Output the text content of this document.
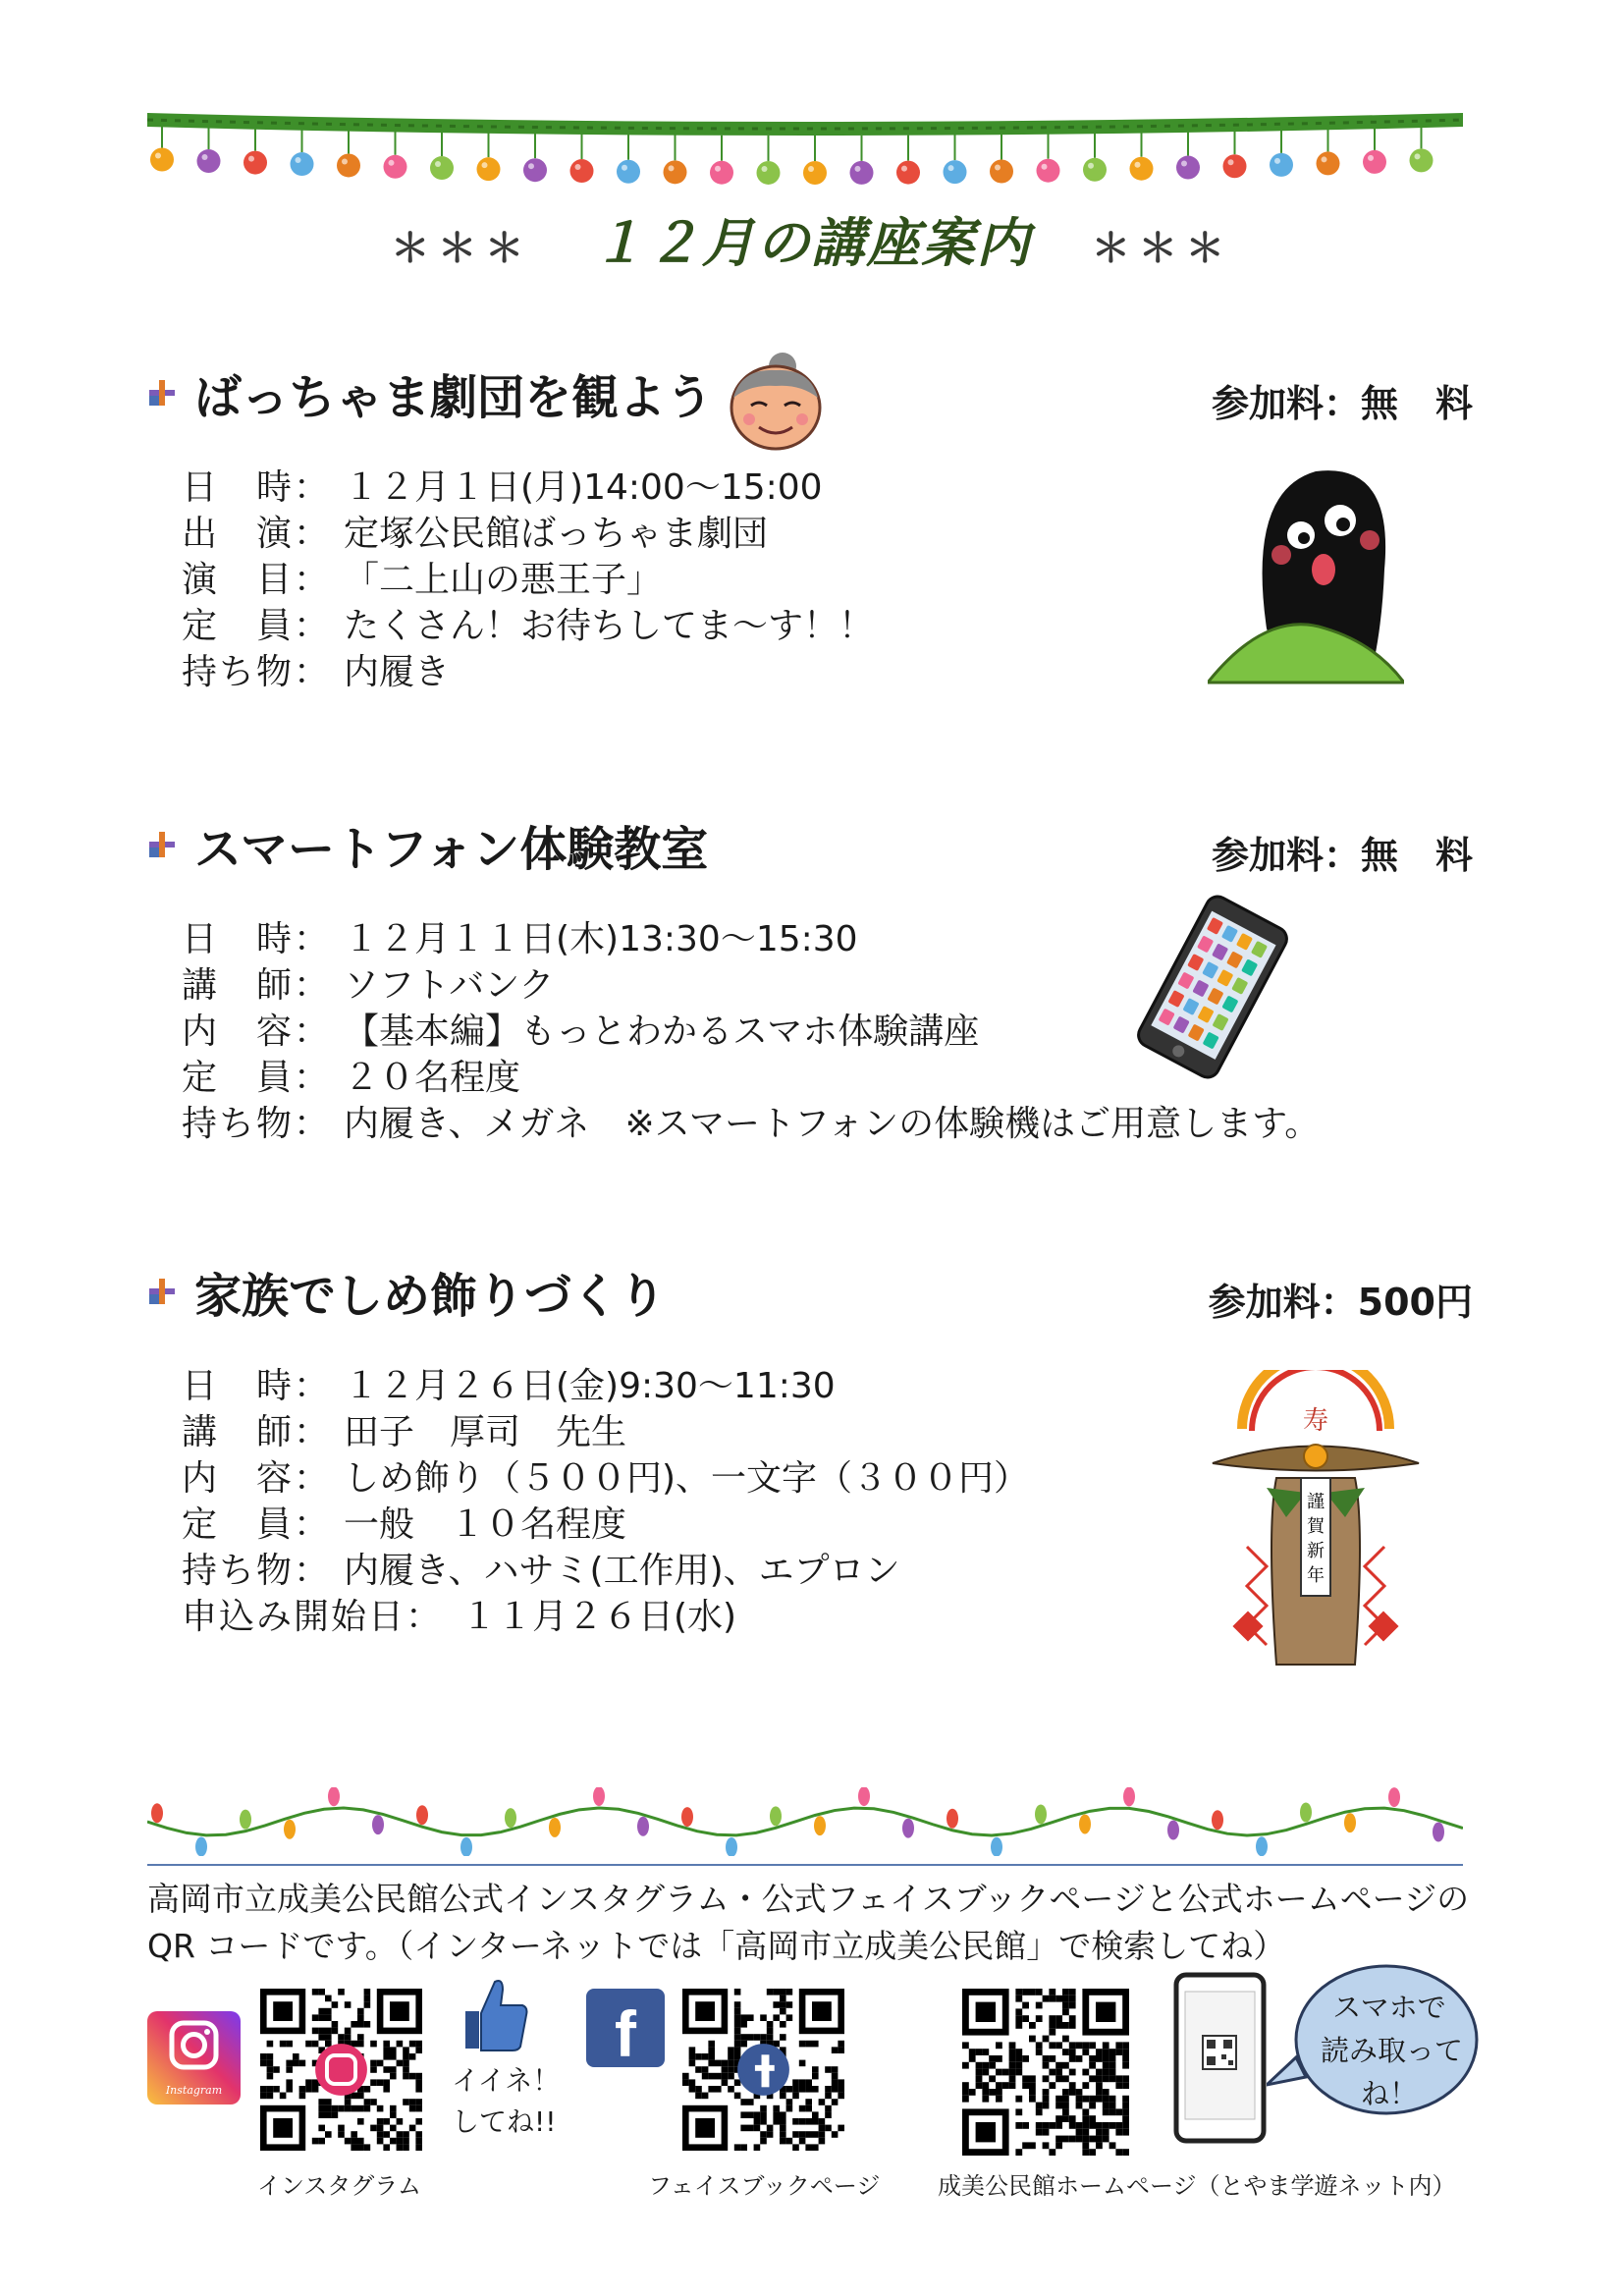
＊＊＊ １２月の講座案内 ＊＊＊
ばっちゃま劇団を観よう	参加料：無　料
日　時： １２月１日(月)14:00～15:00
出　演： 定塚公民館ばっちゃま劇団
演　目： 「二上山の悪王子」
定　員： たくさん！お待ちしてま～す！！
持ち物： 内履き
スマートフォン体験教室	参加料：無　料
日　時： １２月１１日(木)13:30～15:30
講　師： ソフトバンク
内　容： 【基本編】もっとわかるスマホ体験講座
定　員： ２０名程度
持ち物： 内履き、メガネ　※スマートフォンの体験機はご用意します。
家族でしめ飾りづくり	参加料：500円
日　時： １２月２６日(金)9:30～11:30
講　師： 田子　厚司　先生
内　容： しめ飾り（５００円)、一文字（３００円）
定　員： 一般　１０名程度
持ち物： 内履き、ハサミ(工作用)、エプロン
申込み開始日： １１月２６日(水)
寿
謹
賀
新
年
高岡市立成美公民館公式インスタグラム・公式フェイスブックページと公式ホームページの
QR コードです。（インターネットでは「高岡市立成美公民館」で検索してね）
Instagram
インスタグラム
イイネ！
してね!!
f
フェイスブックページ 成美公民館ホームページ（とやま学遊ネット内）
スマホで
読み取って
ね！
